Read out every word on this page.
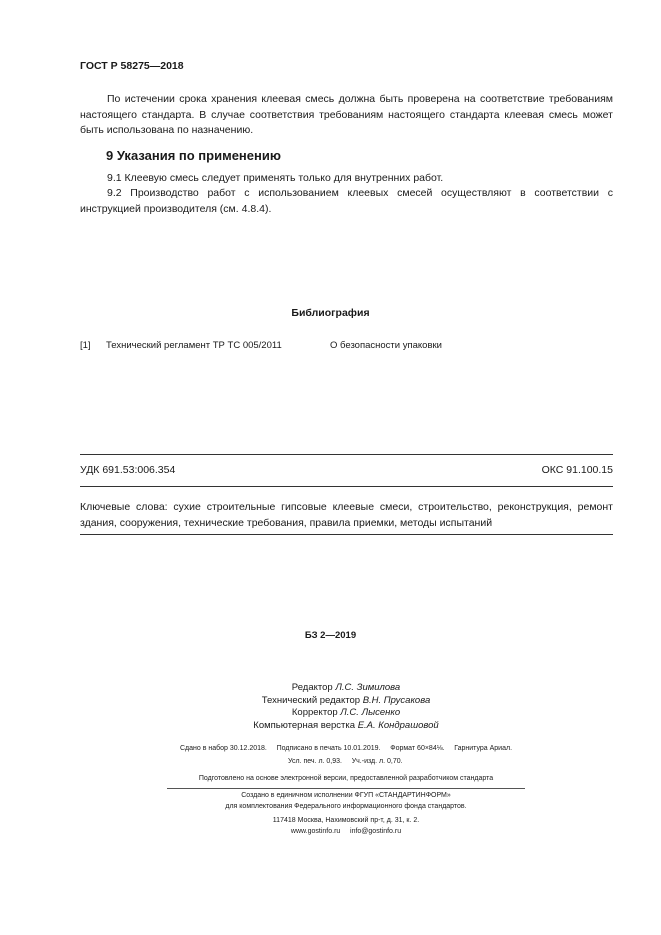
ГОСТ Р 58275—2018
По истечении срока хранения клеевая смесь должна быть проверена на соответствие требованиям настоящего стандарта. В случае соответствия требованиям настоящего стандарта клеевая смесь может быть использована по назначению.
9 Указания по применению
9.1 Клеевую смесь следует применять только для внутренних работ.
9.2 Производство работ с использованием клеевых смесей осуществляют в соответствии с инструкцией производителя (см. 4.8.4).
Библиография
[1] Технический регламент ТР ТС 005/2011	О безопасности упаковки
УДК 691.53:006.354	ОКС 91.100.15
Ключевые слова: сухие строительные гипсовые клеевые смеси, строительство, реконструкция, ремонт здания, сооружения, технические требования, правила приемки, методы испытаний
БЗ 2—2019
Редактор Л.С. Зимилова
Технический редактор В.Н. Прусакова
Корректор Л.С. Лысенко
Компьютерная верстка Е.А. Кондрашовой
Сдано в набор 30.12.2018.     Подписано в печать 10.01.2019.     Формат 60×84⅛.     Гарнитура Ариал.
Усл. печ. л. 0,93.     Уч.-изд. л. 0,70.
Подготовлено на основе электронной версии, предоставленной разработчиком стандарта
Создано в единичном исполнении ФГУП «СТАНДАРТИНФОРМ»
для комплектования Федерального информационного фонда стандартов.
117418 Москва, Нахимовский пр-т, д. 31, к. 2.
www.gostinfo.ru     info@gostinfo.ru
